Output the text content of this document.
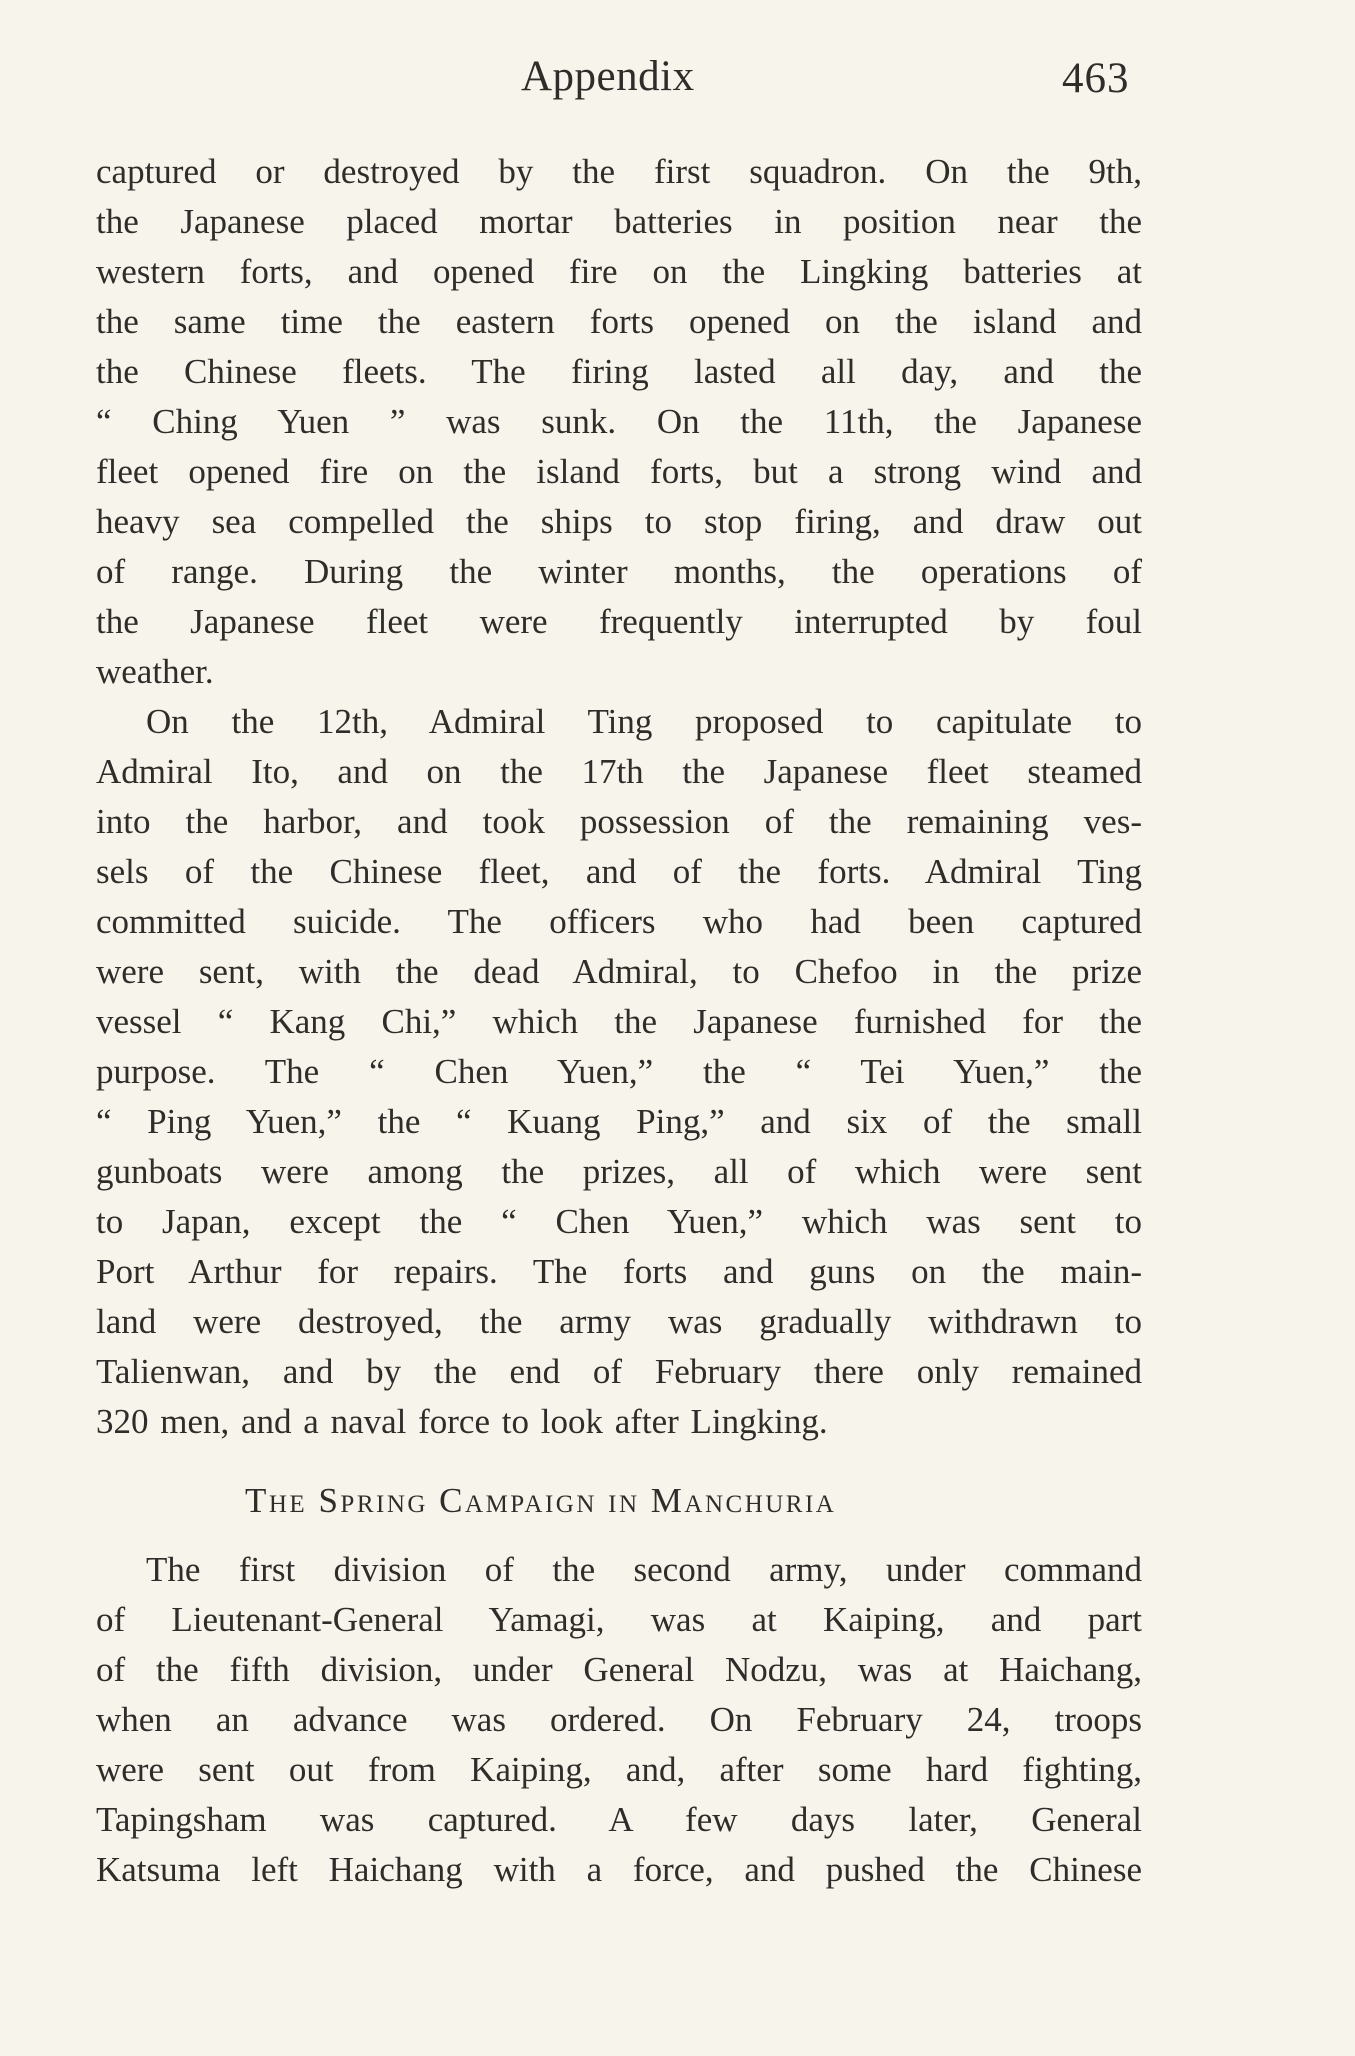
Appendix	463
captured or destroyed by the first squadron. On the 9th,
the Japanese placed mortar batteries in position near the
western forts, and opened fire on the Lingking batteries at
the same time the eastern forts opened on the island and
the Chinese fleets. The firing lasted all day, and the
“ Ching Yuen ” was sunk. On the 11th, the Japanese
fleet opened fire on the island forts, but a strong wind and
heavy sea compelled the ships to stop firing, and draw out
of range. During the winter months, the operations of
the Japanese fleet were frequently interrupted by foul
weather.
On the 12th, Admiral Ting proposed to capitulate to
Admiral Ito, and on the 17th the Japanese fleet steamed
into the harbor, and took possession of the remaining ves-
sels of the Chinese fleet, and of the forts. Admiral Ting
committed suicide. The officers who had been captured
were sent, with the dead Admiral, to Chefoo in the prize
vessel “ Kang Chi,” which the Japanese furnished for the
purpose. The “ Chen Yuen,” the “ Tei Yuen,” the
“ Ping Yuen,” the “ Kuang Ping,” and six of the small
gunboats were among the prizes, all of which were sent
to Japan, except the “ Chen Yuen,” which was sent to
Port Arthur for repairs. The forts and guns on the main-
land were destroyed, the army was gradually withdrawn to
Talienwan, and by the end of February there only remained
320 men, and a naval force to look after Lingking.
The Spring Campaign in Manchuria
The first division of the second army, under command
of Lieutenant-General Yamagi, was at Kaiping, and part
of the fifth division, under General Nodzu, was at Haichang,
when an advance was ordered. On February 24, troops
were sent out from Kaiping, and, after some hard fighting,
Tapingsham was captured. A few days later, General
Katsuma left Haichang with a force, and pushed the Chinese
